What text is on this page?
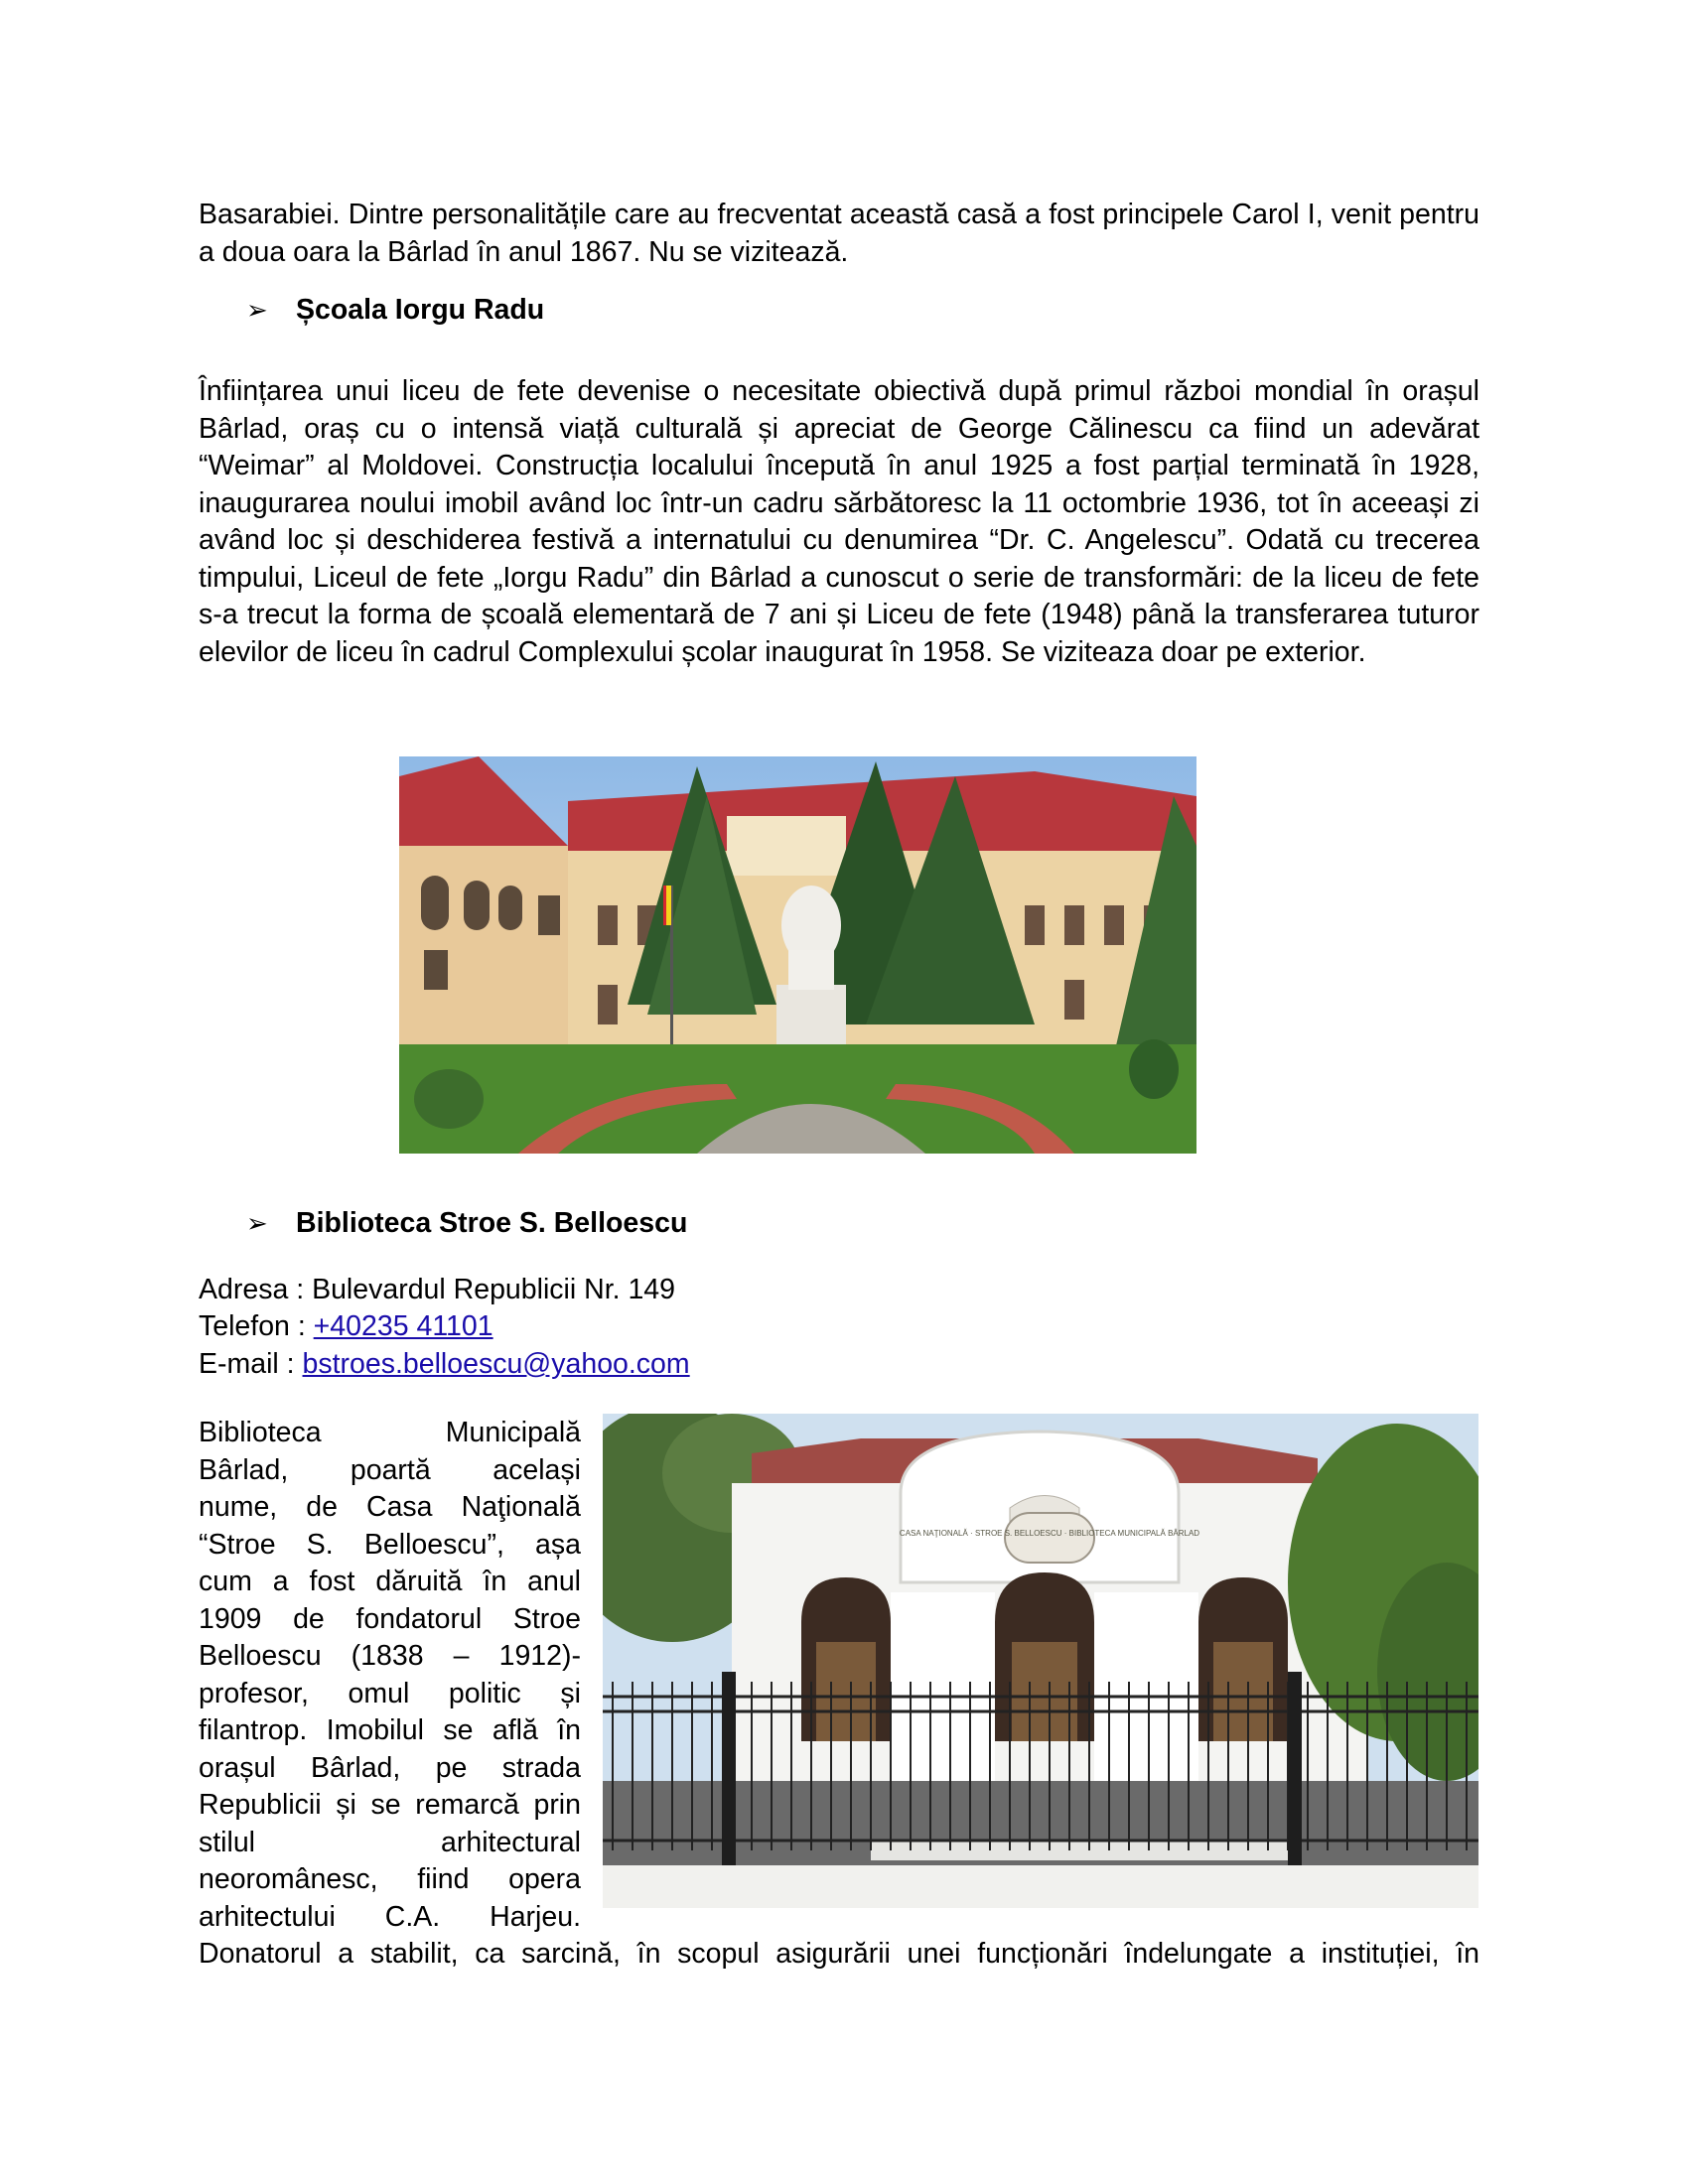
Basarabiei. Dintre personalitățile care au frecventat această casă a fost principele Carol I, venit pentru a doua oara la Bârlad în anul 1867. Nu se vizitează.

➢ Școala Iorgu Radu

Înființarea unui liceu de fete devenise o necesitate obiectivă după primul război mondial în orașul Bârlad, oraș cu o intensă viață culturală și apreciat de George Călinescu ca fiind un adevărat “Weimar” al Moldovei. Construcția localului începută în anul 1925 a fost parțial terminată în 1928, inaugurarea noului imobil având loc într-un cadru sărbătoresc la 11 octombrie 1936, tot în aceeași zi având loc și deschiderea festivă a internatului cu denumirea “Dr. C. Angelescu”. Odată cu trecerea timpului, Liceul de fete „Iorgu Radu” din Bârlad a cunoscut o serie de transformări: de la liceu de fete s-a trecut la forma de școală elementară de 7 ani și Liceu de fete (1948) până la transferarea tuturor elevilor de liceu în cadrul Complexului școlar inaugurat în 1958. Se viziteaza doar pe exterior.

➢ Biblioteca Stroe S. Belloescu

Adresa : Bulevardul Republicii Nr. 149

Telefon : +40235 41101

E-mail : bstroes.belloescu@yahoo.com

Biblioteca Municipală
Bârlad, poartă același
nume, de Casa Naţională
“Stroe S. Belloescu”, așa
cum a fost dăruită în anul
1909 de fondatorul Stroe
Belloescu (1838 – 1912)-
profesor, omul politic și
filantrop. Imobilul se află în
orașul Bârlad, pe strada
Republicii și se remarcă prin
stilul arhitectural
neoromânesc, fiind opera
arhitectului C.A. Harjeu.
CASA NAŢIONALĂ · STROE S. BELLOESCU · BIBLIOTECA MUNICIPALĂ BÂRLAD

Donatorul a stabilit, ca sarcină, în scopul asigurării unei funcționări îndelungate a instituției, în
